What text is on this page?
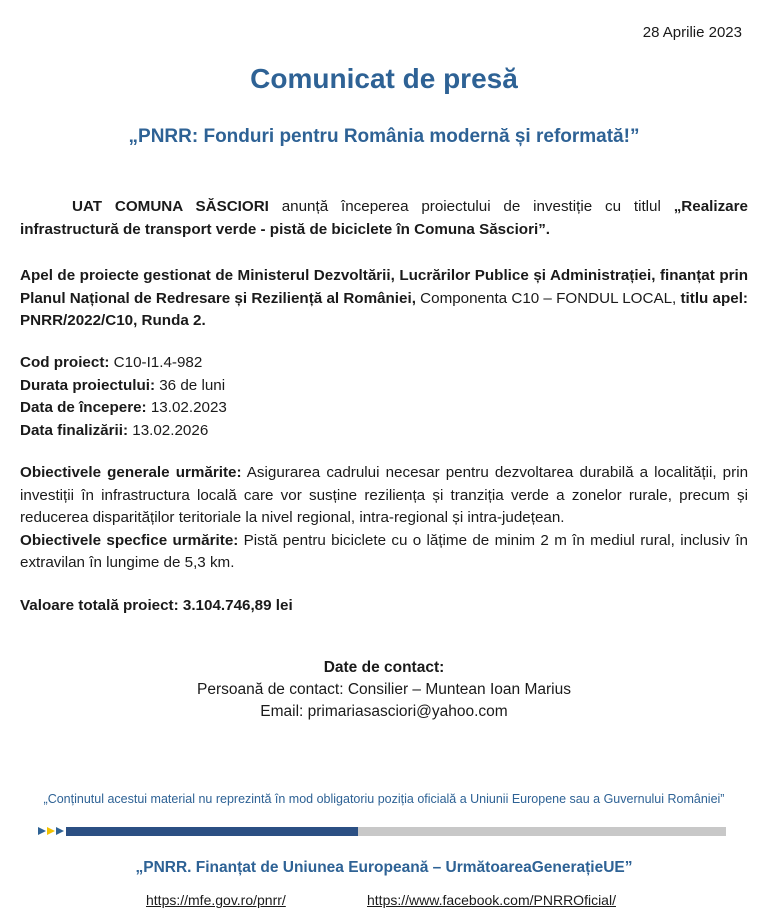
28 Aprilie 2023
Comunicat de presă
„PNRR: Fonduri pentru România modernă și reformată!”
UAT COMUNA SĂSCIORI anunță începerea proiectului de investiție cu titlul „Realizare infrastructură de transport verde - pistă de biciclete în Comuna Săsciori”.
Apel de proiecte gestionat de Ministerul Dezvoltării, Lucrărilor Publice și Administrației, finanțat prin Planul Național de Redresare și Reziliență al României, Componenta C10 – FONDUL LOCAL, titlu apel: PNRR/2022/C10, Runda 2.
Cod proiect: C10-I1.4-982
Durata proiectului: 36 de luni
Data de începere: 13.02.2023
Data finalizării: 13.02.2026
Obiectivele generale urmărite: Asigurarea cadrului necesar pentru dezvoltarea durabilă a localității, prin investiții în infrastructura locală care vor susține reziliența și tranziția verde a zonelor rurale, precum și reducerea disparităților teritoriale la nivel regional, intra-regional și intra-județean.
Obiectivele specfice urmărite: Pistă pentru biciclete cu o lățime de minim 2 m în mediul rural, inclusiv în extravilan în lungime de 5,3 km.
Valoare totală proiect: 3.104.746,89 lei
Date de contact:
Persoană de contact: Consilier – Muntean Ioan Marius
Email: primariasasciori@yahoo.com
„Conținutul acestui material nu reprezintă în mod obligatoriu poziția oficială a Uniunii Europene sau a Guvernului României”
„PNRR. Finanțat de Uniunea Europeană – UrmătoareaGenerațieUE”
https://mfe.gov.ro/pnrr/	https://www.facebook.com/PNRROficial/
